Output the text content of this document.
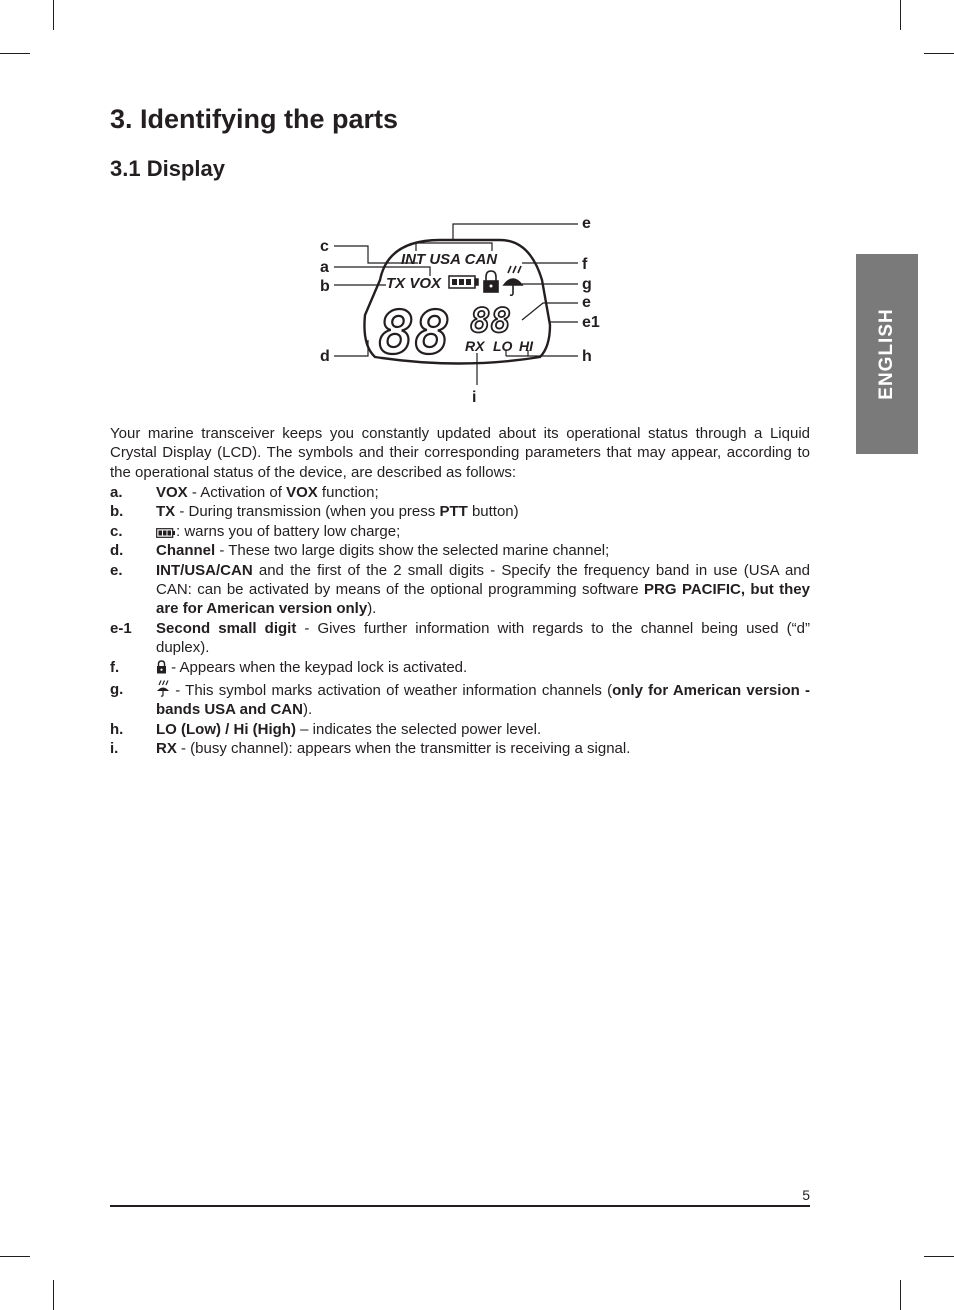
3. Identifying the parts
3.1 Display
ENGLISH
c
a
b
d
e
f
g
e
e1
h
i
INT USA CAN
TX VOX
88 88
RX LO HI

Your marine transceiver keeps you constantly updated about its operational status through a Liquid Crystal Display (LCD). The symbols and their corresponding parameters that may appear, according to the operational status of the device, are described as follows:

a.	VOX - Activation of VOX function;

b.	TX - During transmission (when you press PTT button)

c.	: warns you of battery low charge;

d.	Channel - These two large digits show the selected marine channel;

e.	INT/USA/CAN and the first of the 2 small digits - Specify the frequency band in use (USA and CAN: can be activated by means of the optional programming software PRG PACIFIC, but they are for American version only).

e-1	Second small digit - Gives further information with regards to the channel being used (“d” duplex).

f.	- Appears when the keypad lock is activated.

g.	- This symbol marks activation of weather information channels (only for American version - bands USA and CAN).

h.	LO (Low) / Hi (High) – indicates the selected power level.

i.	RX - (busy channel): appears when the transmitter is receiving a signal.

5
